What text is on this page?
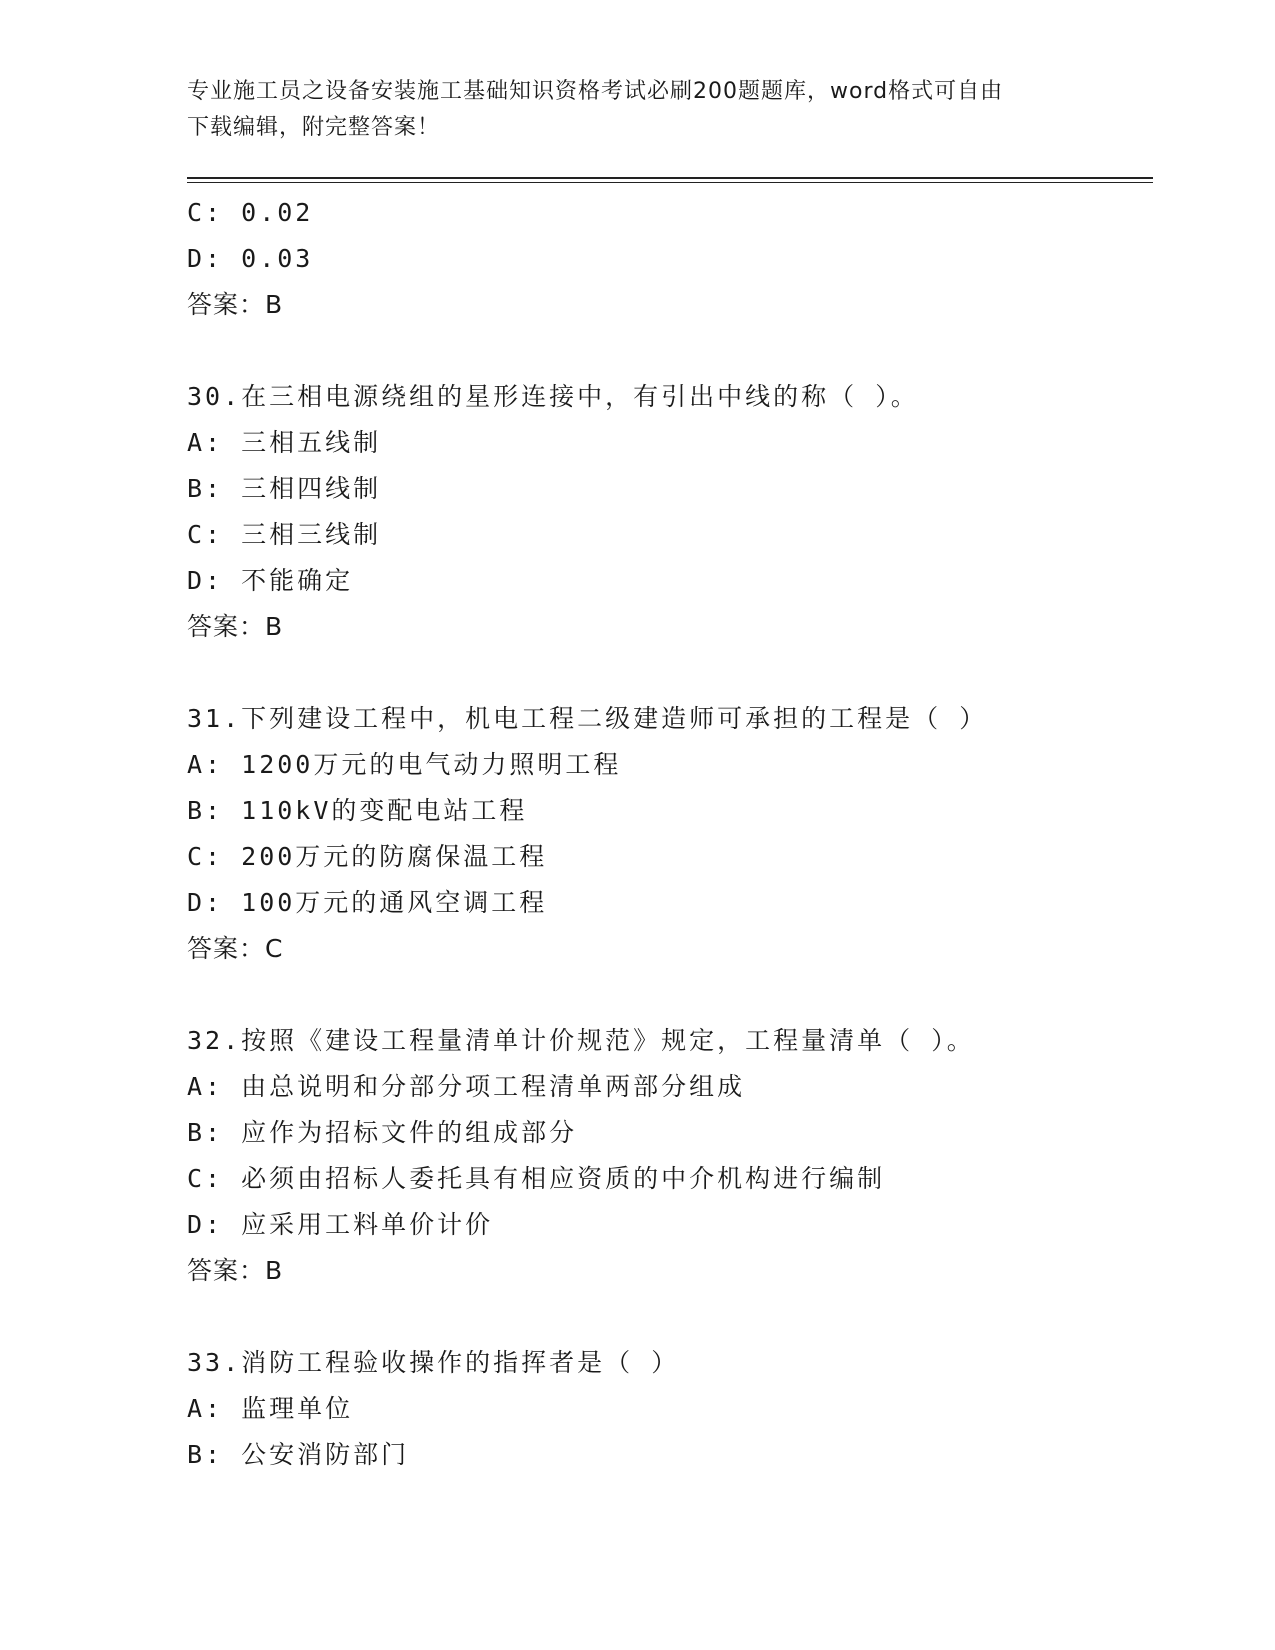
专业施工员之设备安装施工基础知识资格考试必刷200题题库，word格式可自由
下载编辑，附完整答案！
C: 0.02
D: 0.03
答案：B
30.在三相电源绕组的星形连接中，有引出中线的称（ ）。
A: 三相五线制
B: 三相四线制
C: 三相三线制
D: 不能确定
答案：B
31.下列建设工程中，机电工程二级建造师可承担的工程是（ ）
A: 1200万元的电气动力照明工程
B: 110kV的变配电站工程
C: 200万元的防腐保温工程
D: 100万元的通风空调工程
答案：C
32.按照《建设工程量清单计价规范》规定，工程量清单（ ）。
A: 由总说明和分部分项工程清单两部分组成
B: 应作为招标文件的组成部分
C: 必须由招标人委托具有相应资质的中介机构进行编制
D: 应采用工料单价计价
答案：B
33.消防工程验收操作的指挥者是（ ）
A: 监理单位
B: 公安消防部门
